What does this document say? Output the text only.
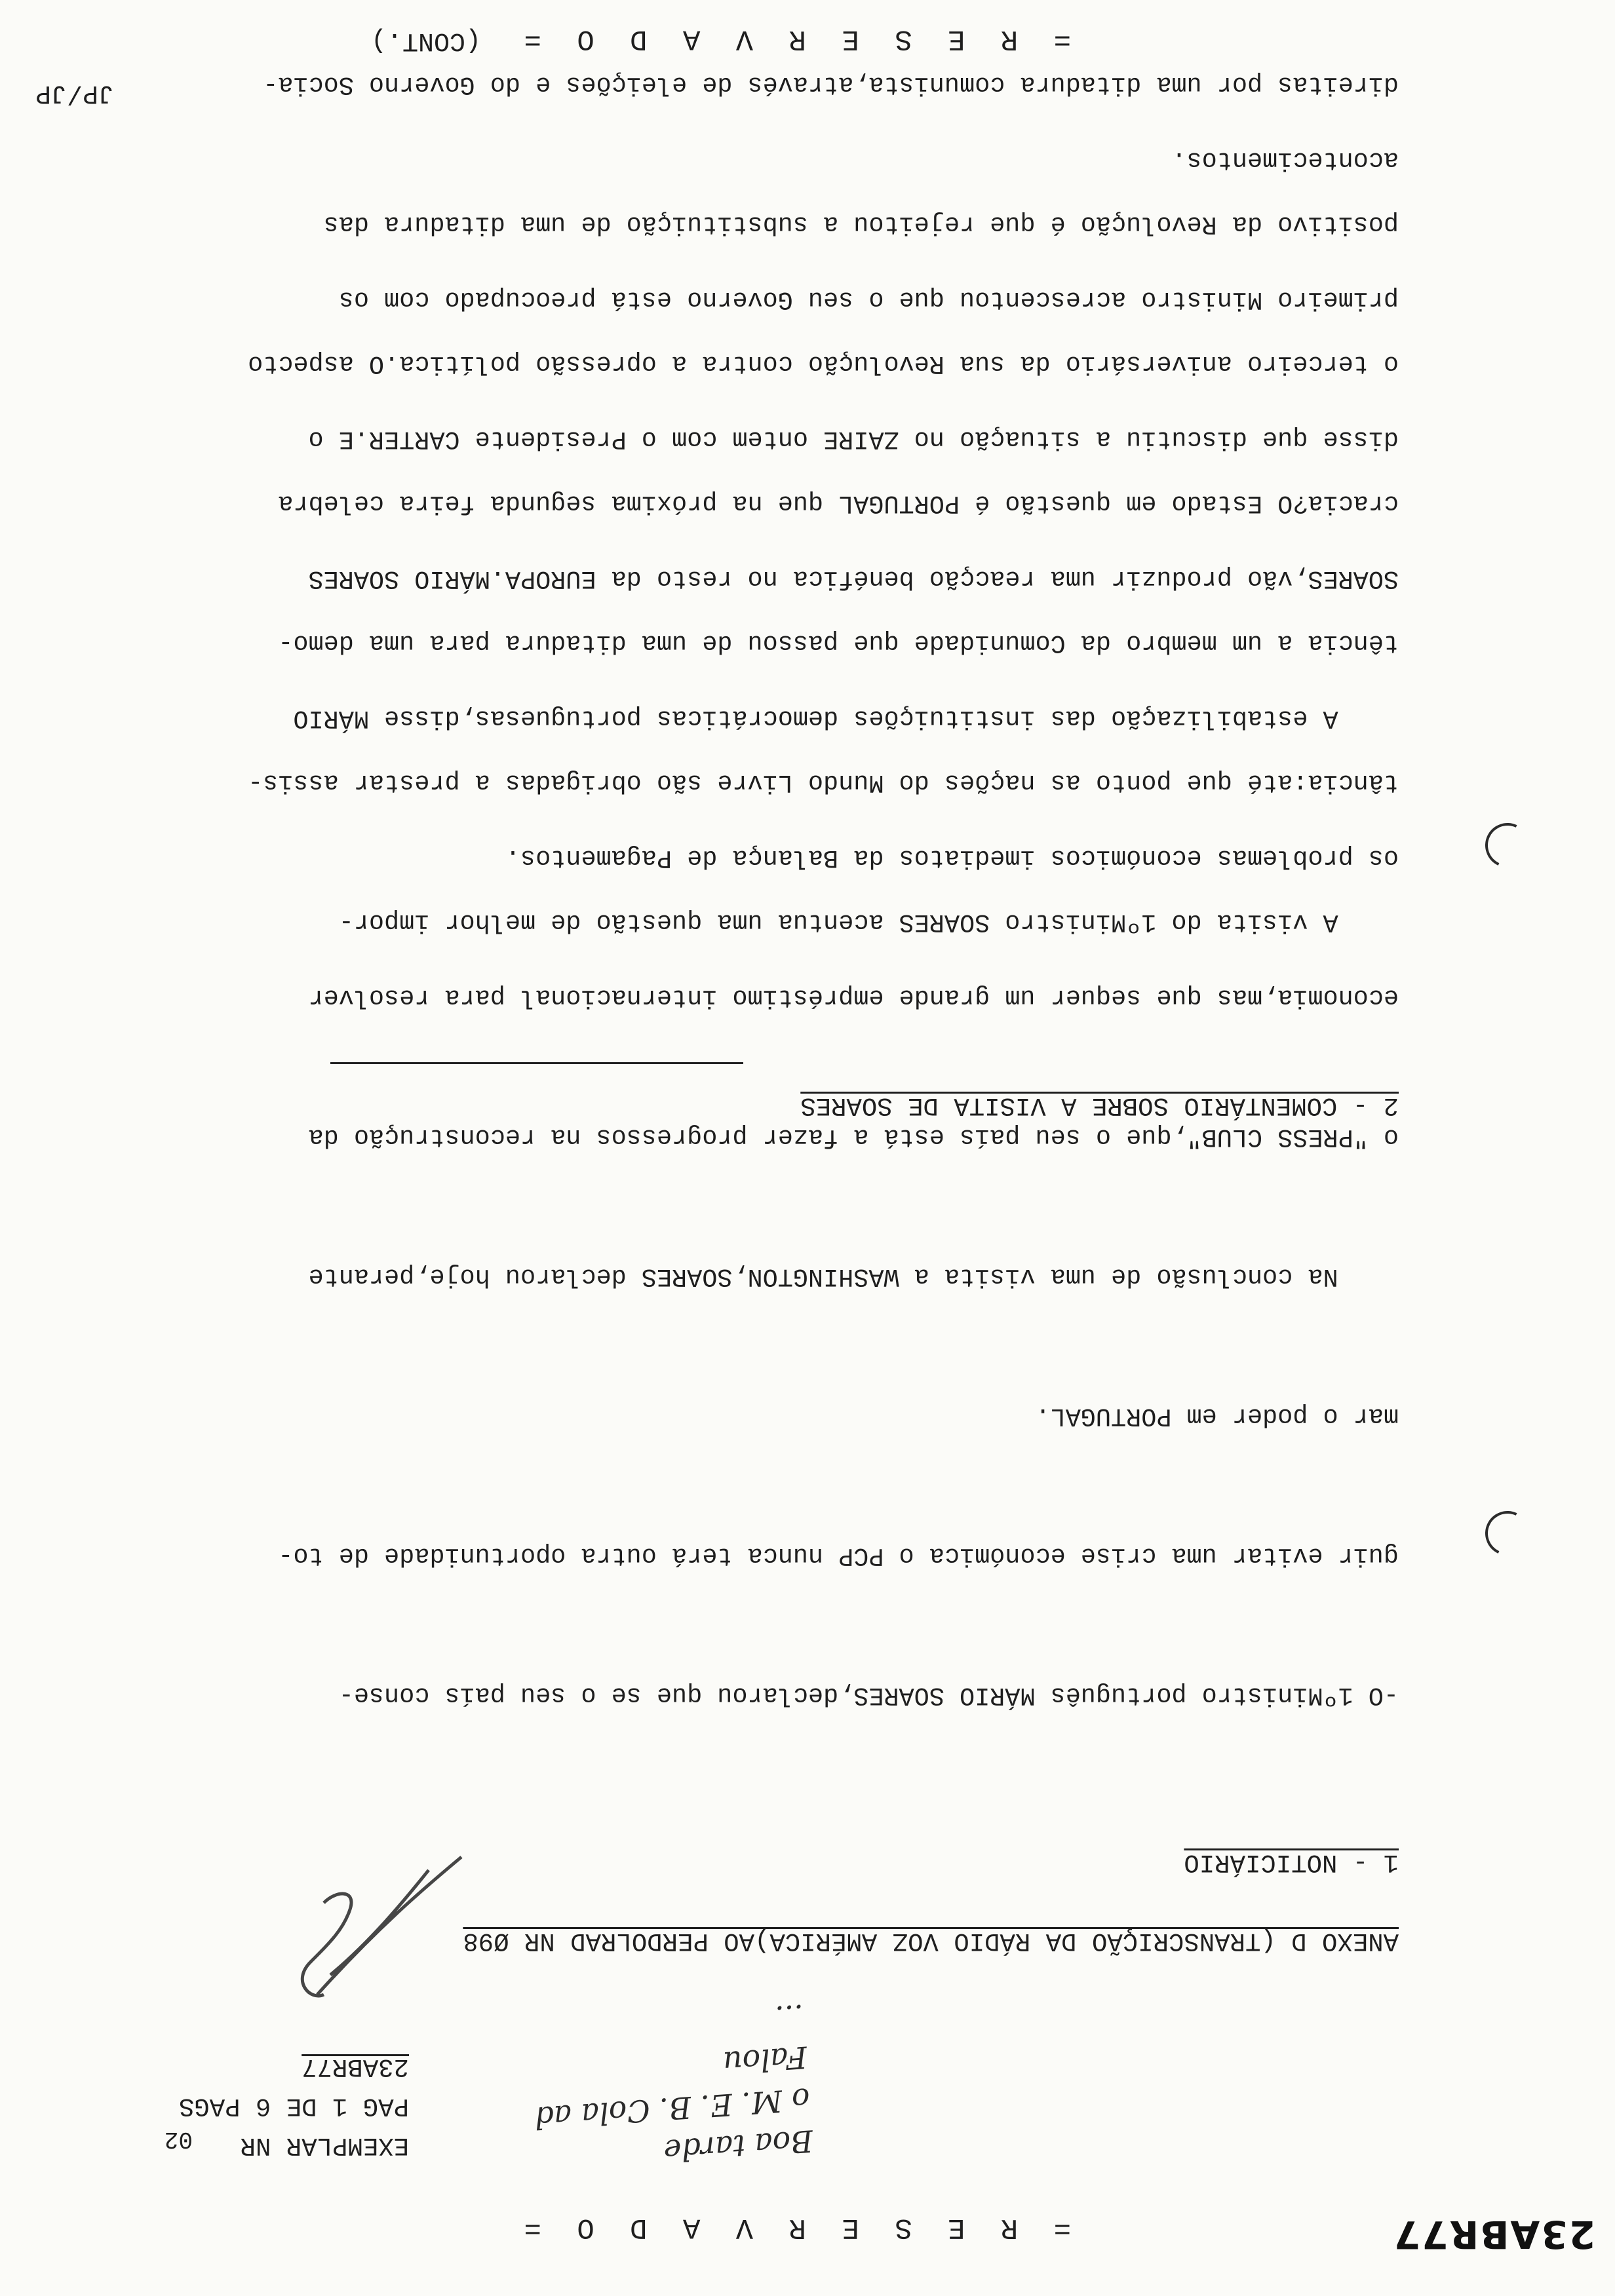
23ABR77
= R E S E R V A D O =
02 EXEMPLAR NR
PAG 1 DE 6 PAGS
23ABR77
Boa tarde
o M. E. B. Cola ad
Falou
...
ANEXO D (TRANSCRIÇÃO DA RÁDIO VOZ AMÉRICA)AO PERDOLRAD NR Ø98
1 - NOTICIÁRIO

-O 1ºMinistro português MÁRIO SOARES,declarou que se o seu país conse-

guir evitar uma crise económica o PCP nunca terá outra oportunidade de to-

mar o poder em PORTUGAL.

Na conclusão de uma visita a WASHINGTON,SOARES declarou hoje,perante

o "PRESS CLUB",que o seu país está a fazer progressos na reconstrução da

economia,mas que sequer um grande empréstimo internacional para resolver

os problemas económicos imediatos da Balança de Pagamentos.

A estabilização das instituições democráticas portuguesas,disse MÁRIO

SOARES,vão produzir uma reacção benéfica no resto da EUROPA.MÁRIO SOARES

disse que discutiu a situação no ZAIRE ontem com o Presidente CARTER.E o

primeiro Ministro acrescentou que o seu Governo está preocupado com os

acontecimentos.

2 - COMENTÁRIO SOBRE A VISITA DE SOARES

A visita do 1ºMinistro SOARES acentua uma questão de melhor impor-

tância:até que ponto as nações do Mundo Livre são obrigadas a prestar assis-

tência a um membro da Comunidade que passou de uma ditadura para uma demo-

cracia?O Estado em questão é PORTUGAL que na próxima segunda feira celebra

o terceiro aniversário da sua Revolução contra a opressão política.O aspecto

positivo da Revolução é que rejeitou a substituição de uma ditadura das

direitas por uma ditadura comunista,através de eleições e do Governo Socia-

JP/JP
= R E S E R V A D O =
(CONT.)
